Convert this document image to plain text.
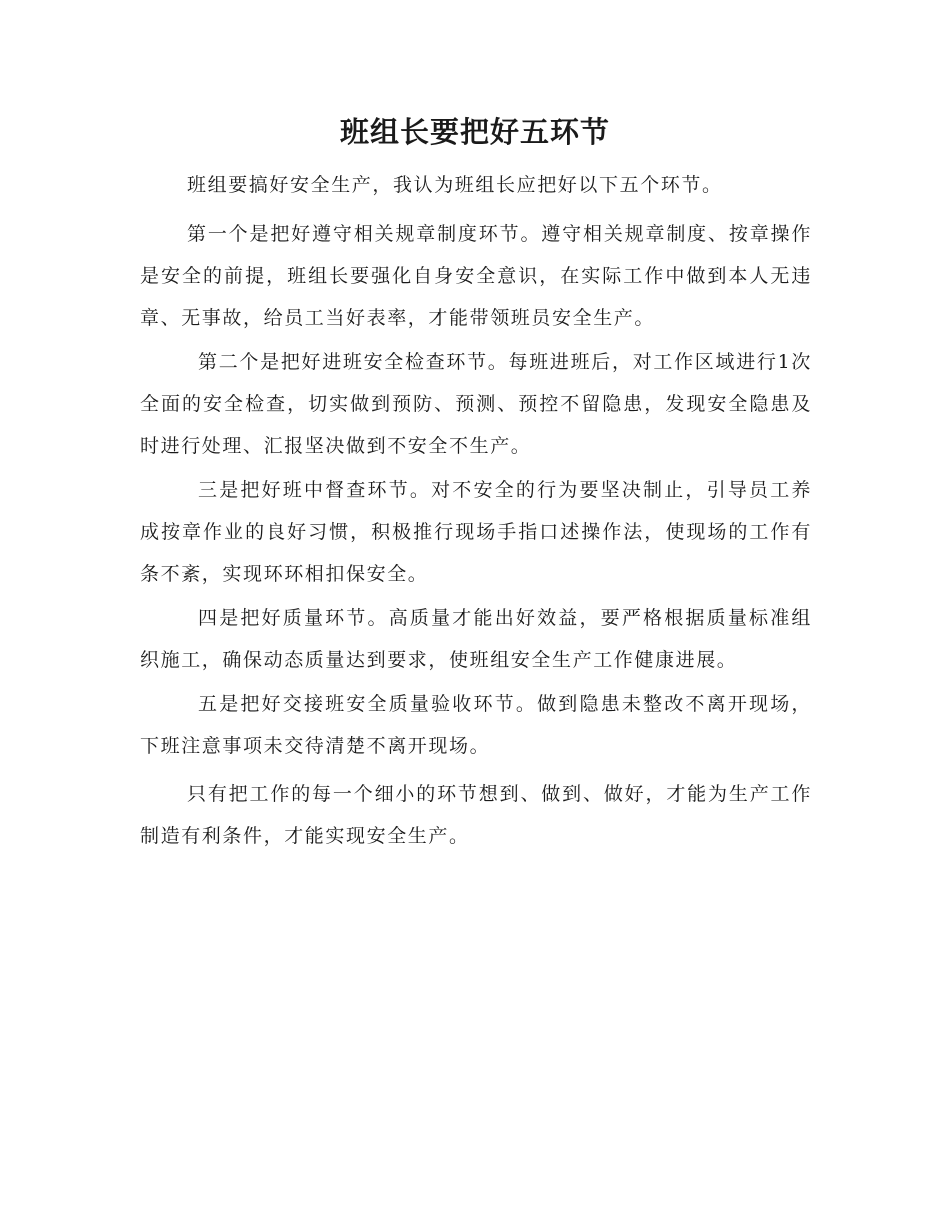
班组长要把好五环节

班组要搞好安全生产，我认为班组长应把好以下五个环节。

第一个是把好遵守相关规章制度环节。遵守相关规章制度、按章操作是安全的前提，班组长要强化自身安全意识，在实际工作中做到本人无违章、无事故，给员工当好表率，才能带领班员安全生产。

第二个是把好进班安全检查环节。每班进班后，对工作区域进行1次全面的安全检查，切实做到预防、预测、预控不留隐患，发现安全隐患及时进行处理、汇报坚决做到不安全不生产。

三是把好班中督查环节。对不安全的行为要坚决制止，引导员工养成按章作业的良好习惯，积极推行现场手指口述操作法，使现场的工作有条不紊，实现环环相扣保安全。

四是把好质量环节。高质量才能出好效益，要严格根据质量标准组织施工，确保动态质量达到要求，使班组安全生产工作健康进展。

五是把好交接班安全质量验收环节。做到隐患未整改不离开现场，下班注意事项未交待清楚不离开现场。

只有把工作的每一个细小的环节想到、做到、做好，才能为生产工作制造有利条件，才能实现安全生产。
